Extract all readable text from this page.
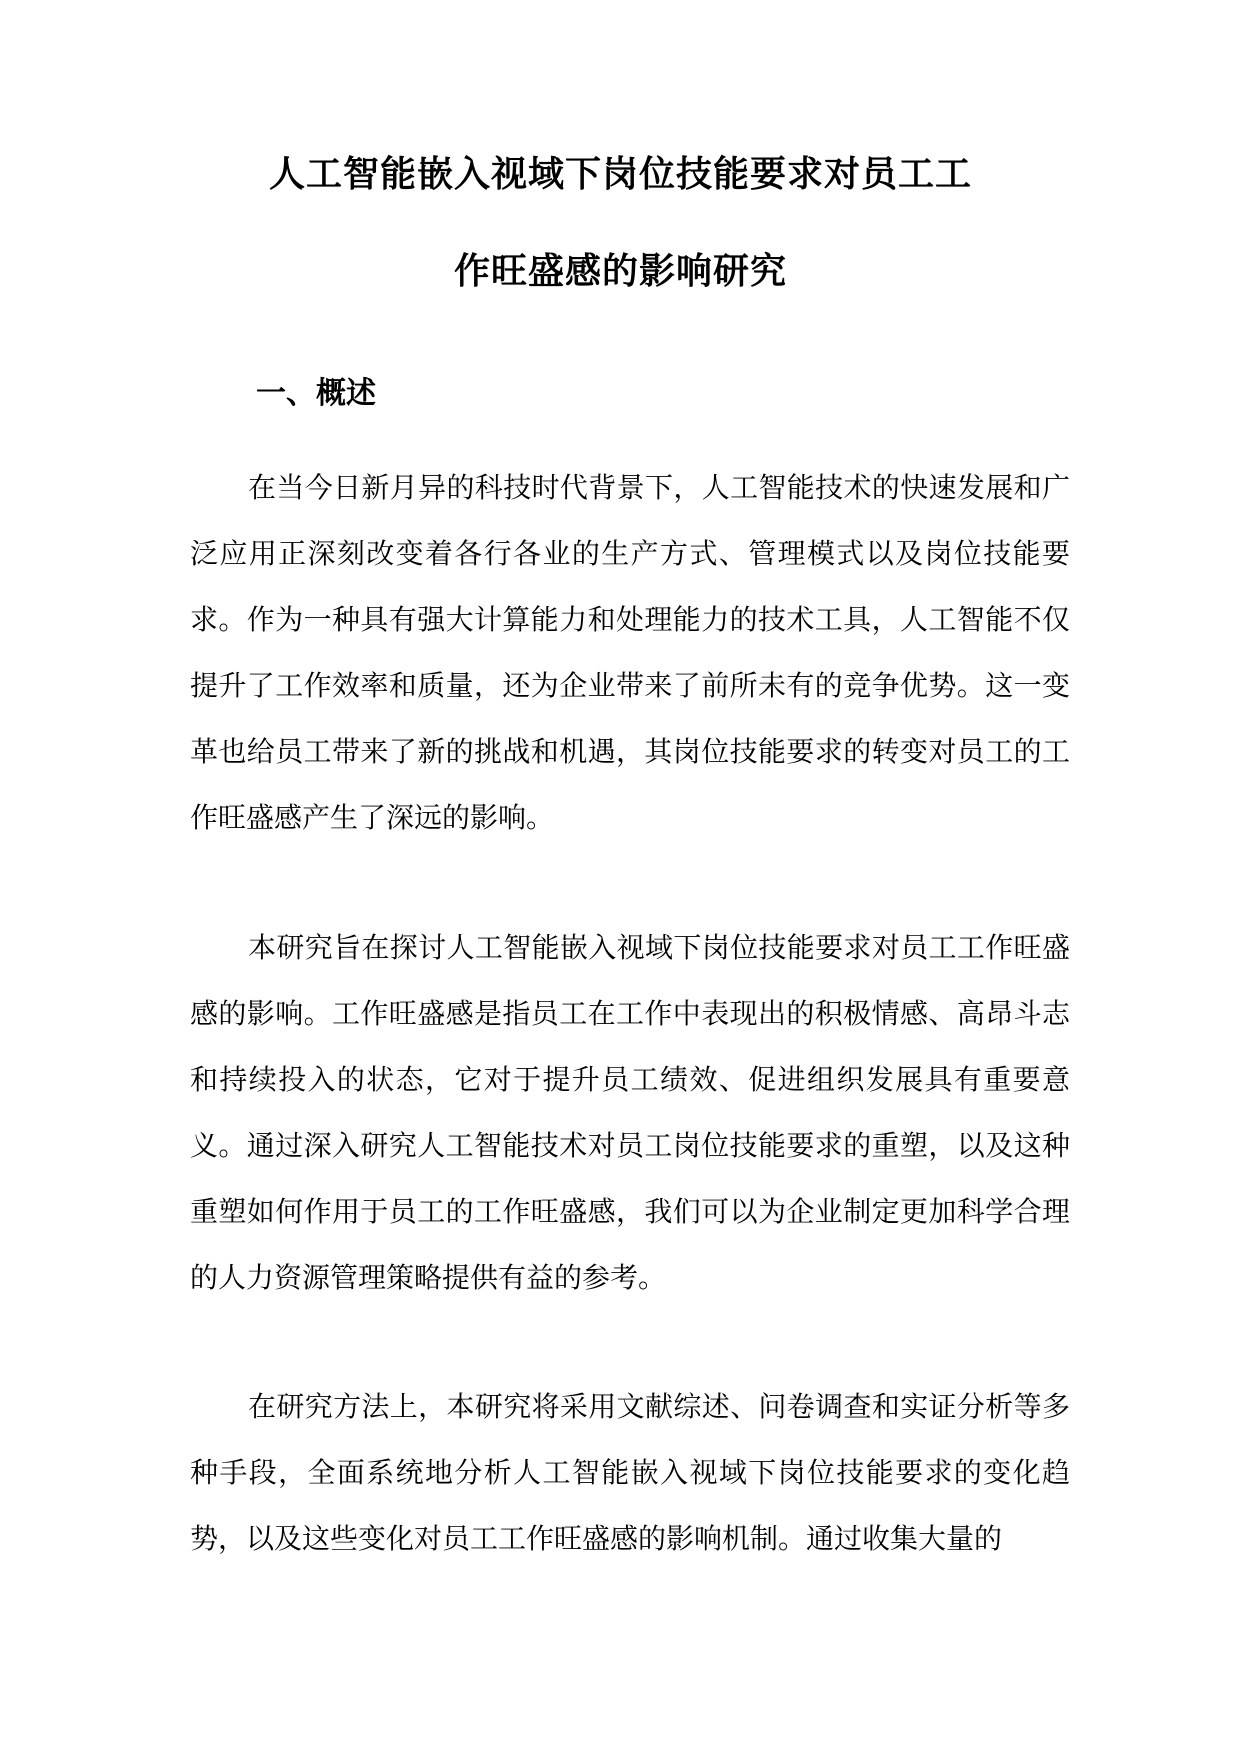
人工智能嵌入视域下岗位技能要求对员工工
作旺盛感的影响研究
一、概述

在当今日新月异的科技时代背景下，人工智能技术的快速发展和广泛应用正深刻改变着各行各业的生产方式、管理模式以及岗位技能要求。作为一种具有强大计算能力和处理能力的技术工具，人工智能不仅提升了工作效率和质量，还为企业带来了前所未有的竞争优势。这一变革也给员工带来了新的挑战和机遇，其岗位技能要求的转变对员工的工作旺盛感产生了深远的影响。

本研究旨在探讨人工智能嵌入视域下岗位技能要求对员工工作旺盛感的影响。工作旺盛感是指员工在工作中表现出的积极情感、高昂斗志和持续投入的状态，它对于提升员工绩效、促进组织发展具有重要意义。通过深入研究人工智能技术对员工岗位技能要求的重塑，以及这种重塑如何作用于员工的工作旺盛感，我们可以为企业制定更加科学合理的人力资源管理策略提供有益的参考。

在研究方法上，本研究将采用文献综述、问卷调查和实证分析等多种手段，全面系统地分析人工智能嵌入视域下岗位技能要求的变化趋势，以及这些变化对员工工作旺盛感的影响机制。通过收集大量的
